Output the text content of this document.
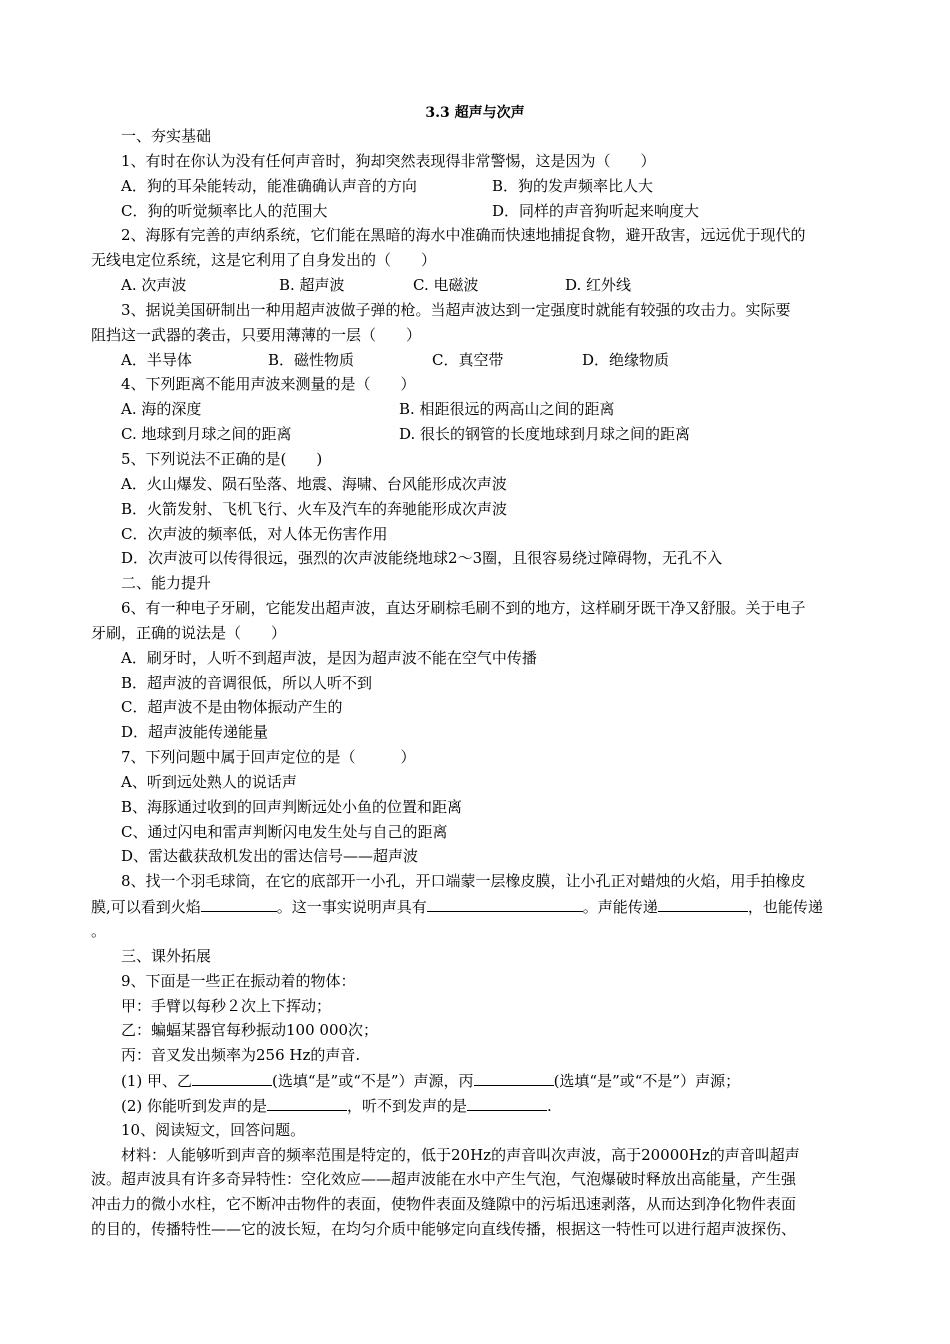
3.3 超声与次声
一、夯实基础
1、有时在你认为没有任何声音时，狗却突然表现得非常警惕，这是因为（　　）
A．狗的耳朵能转动，能准确确认声音的方向	B．狗的发声频率比人大
C．狗的听觉频率比人的范围大	D．同样的声音狗听起来响度大
2、海豚有完善的声纳系统，它们能在黑暗的海水中准确而快速地捕捉食物，避开敌害，远远优于现代的
无线电定位系统，这是它利用了自身发出的（　　）
A. 次声波	B. 超声波	C. 电磁波	D. 红外线
3、据说美国研制出一种用超声波做子弹的枪。当超声波达到一定强度时就能有较强的攻击力。实际要
阻挡这一武器的袭击，只要用薄薄的一层（　　）
A．半导体	B．磁性物质	C．真空带	D．绝缘物质
4、下列距离不能用声波来测量的是（　　）
A. 海的深度	B. 相距很远的两高山之间的距离
C. 地球到月球之间的距离	D. 很长的钢管的长度地球到月球之间的距离
5、下列说法不正确的是(　　)
A．火山爆发、陨石坠落、地震、海啸、台风能形成次声波
B．火箭发射、飞机飞行、火车及汽车的奔驰能形成次声波
C．次声波的频率低，对人体无伤害作用
D．次声波可以传得很远，强烈的次声波能绕地球2～3圈，且很容易绕过障碍物，无孔不入
二、能力提升
6、有一种电子牙刷，它能发出超声波，直达牙刷棕毛刷不到的地方，这样刷牙既干净又舒服。关于电子
牙刷，正确的说法是（　　）
A．刷牙时，人听不到超声波，是因为超声波不能在空气中传播
B．超声波的音调很低，所以人听不到
C．超声波不是由物体振动产生的
D．超声波能传递能量
7、下列问题中属于回声定位的是（　　　）
A、听到远处熟人的说话声
B、海豚通过收到的回声判断远处小鱼的位置和距离
C、通过闪电和雷声判断闪电发生处与自己的距离
D、雷达截获敌机发出的雷达信号——超声波
8、找一个羽毛球筒，在它的底部开一小孔，开口端蒙一层橡皮膜，让小孔正对蜡烛的火焰，用手拍橡皮
膜,可以看到火焰	。这一事实说明声具有	。声能传递	，也能传递
。
三、课外拓展
9、下面是一些正在振动着的物体：
甲：手臂以每秒２次上下挥动；
乙：蝙蝠某器官每秒振动100 000次；
丙：音叉发出频率为256 Hz的声音.
(1) 甲、乙	(选填“是”或“不是”）声源，丙	(选填“是”或“不是”）声源；
(2) 你能听到发声的是	，听不到发声的是	.
10、阅读短文，回答问题。
材料：人能够听到声音的频率范围是特定的，低于20Hz的声音叫次声波，高于20000Hz的声音叫超声
波。超声波具有许多奇异特性：空化效应——超声波能在水中产生气泡，气泡爆破时释放出高能量，产生强
冲击力的微小水柱，它不断冲击物件的表面，使物件表面及缝隙中的污垢迅速剥落，从而达到净化物件表面
的目的，传播特性——它的波长短，在均匀介质中能够定向直线传播，根据这一特性可以进行超声波探伤、
